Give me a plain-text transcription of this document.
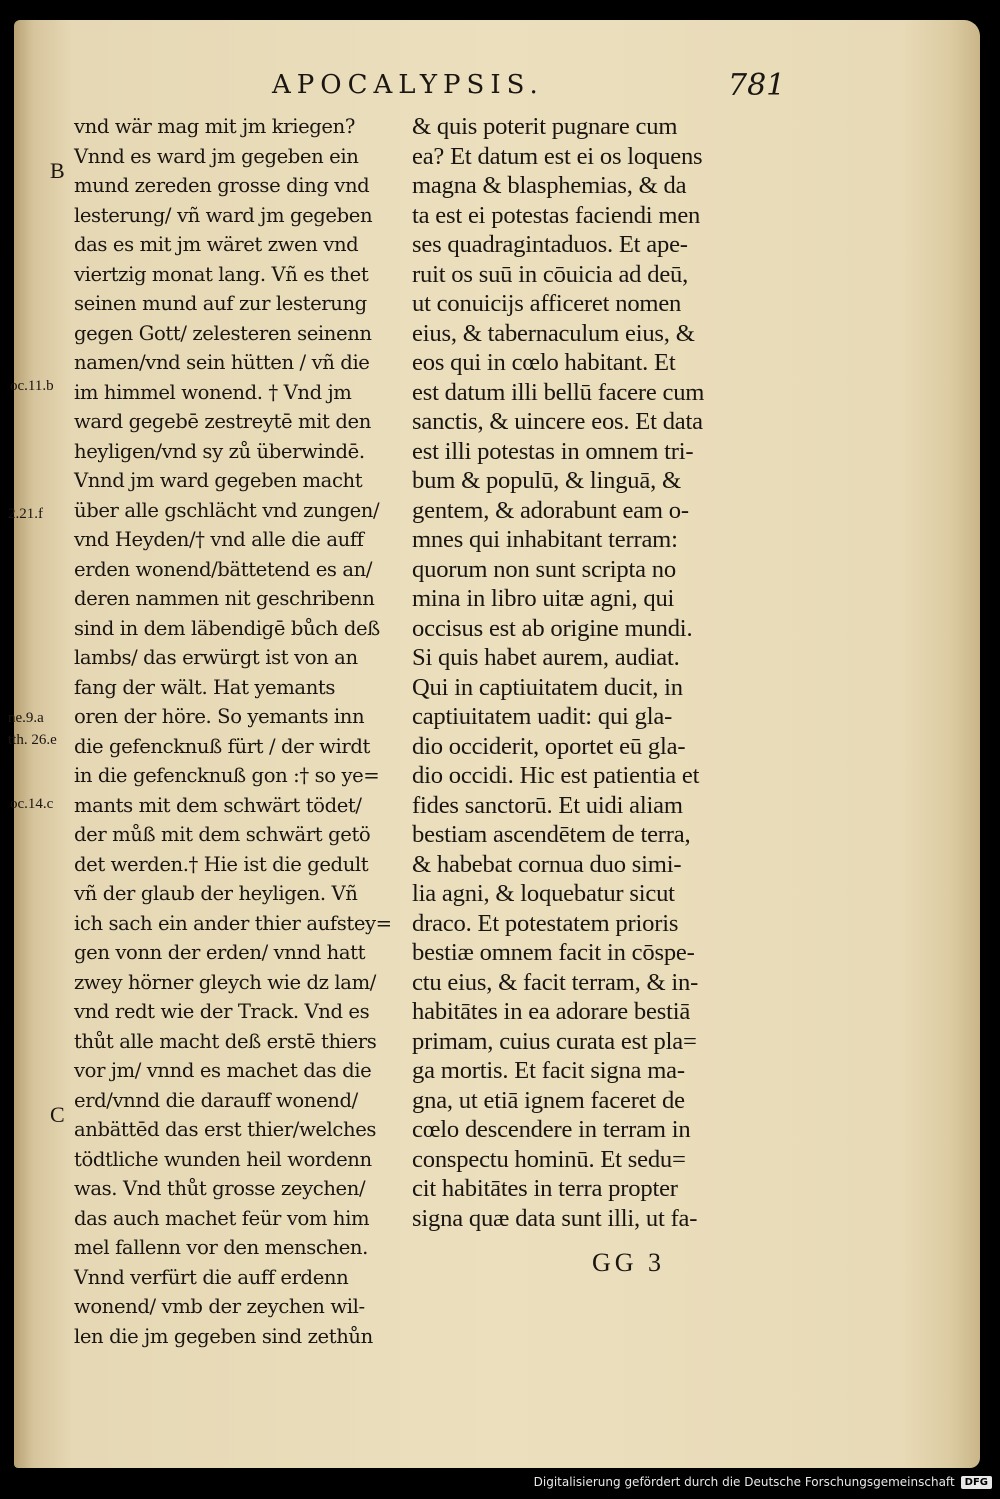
APOCALYPSIS.	781
B
C
oc.11.b
2.21.f
ne.9.a
tth. 26.e
oc.14.c
vnd wär mag mit jm kriegen?
Vnnd es ward jm gegeben ein
mund zereden grosse ding vnd
lesterung/ vñ ward jm gegeben
das es mit jm wäret zwen vnd
viertzig monat lang. Vñ es thet
seinen mund auf zur lesterung
gegen Gott/ zelesteren seinenn
namen/vnd sein hütten / vñ die
im himmel wonend. † Vnd jm
ward gegebē zestreytē mit den
heyligen/vnd sy zů überwindē.
Vnnd jm ward gegeben macht
über alle gschlächt vnd zungen/
vnd Heyden/† vnd alle die auff
erden wonend/bättetend es an/
deren nammen nit geschribenn
sind in dem läbendigē bůch deß
lambs/ das erwürgt ist von an
fang der wält. Hat yemants
oren der höre. So yemants inn
die gefencknuß fürt / der wirdt
in die gefencknuß gon :† so ye=
mants mit dem schwärt tödet/
der můß mit dem schwärt getö
det werden.† Hie ist die gedult
vñ der glaub der heyligen. Vñ
ich sach ein ander thier aufstey=
gen vonn der erden/ vnnd hatt
zwey hörner gleych wie dz lam/
vnd redt wie der Track. Vnd es
thůt alle macht deß erstē thiers
vor jm/ vnnd es machet das die
erd/vnnd die darauff wonend/
anbättēd das erst thier/welches
tödtliche wunden heil wordenn
was. Vnd thůt grosse zeychen/
das auch machet feür vom him
mel fallenn vor den menschen.
Vnnd verfürt die auff erdenn
wonend/ vmb der zeychen wil-
len die jm gegeben sind zethůn
& quis poterit pugnare cum
ea? Et datum est ei os loquens
magna & blasphemias, & da
ta est ei potestas faciendi men
ses quadragintaduos. Et ape-
ruit os suū in cōuicia ad deū,
ut conuicijs afficeret nomen
eius, & tabernaculum eius, &
eos qui in cœlo habitant. Et
est datum illi bellū facere cum
sanctis, & uincere eos. Et data
est illi potestas in omnem tri-
bum & populū, & linguā, &
gentem, & adorabunt eam o-
mnes qui inhabitant terram:
quorum non sunt scripta no
mina in libro uitæ agni, qui
occisus est ab origine mundi.
Si quis habet aurem, audiat.
Qui in captiuitatem ducit, in
captiuitatem uadit: qui gla-
dio occiderit, oportet eū gla-
dio occidi. Hic est patientia et
fides sanctorū. Et uidi aliam
bestiam ascendētem de terra,
& habebat cornua duo simi-
lia agni, & loquebatur sicut
draco. Et potestatem prioris
bestiæ omnem facit in cōspe-
ctu eius, & facit terram, & in-
habitātes in ea adorare bestiā
primam, cuius curata est pla=
ga mortis. Et facit signa ma-
gna, ut etiā ignem faceret de
cœlo descendere in terram in
conspectu hominū. Et sedu=
cit habitātes in terra propter
signa quæ data sunt illi, ut fa-
GG 3
Digitalisierung gefördert durch die Deutsche Forschungsgemeinschaft	DFG
